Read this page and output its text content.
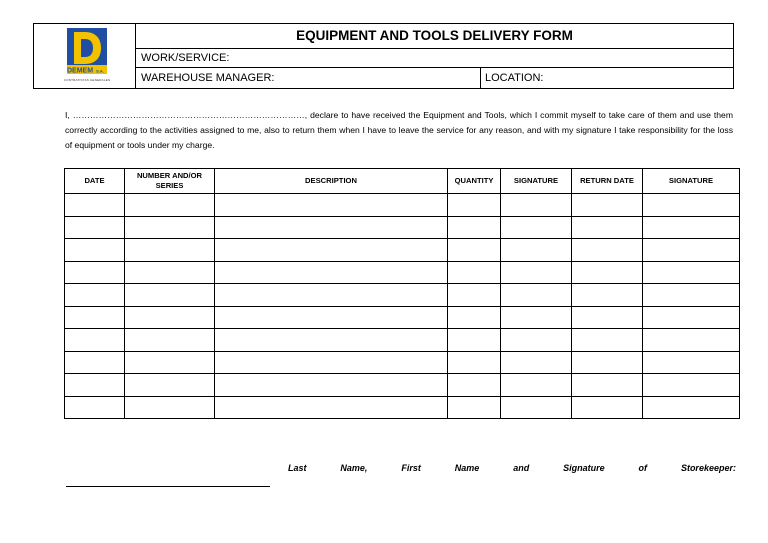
DEMEM S.A.
CONTRATISTAS GENERALES
EQUIPMENT AND TOOLS DELIVERY FORM
WORK/SERVICE:
WAREHOUSE MANAGER:	LOCATION:
I, ………………………………………………………………………, declare to have received the Equipment and Tools, which I commit myself to take care of them and use them correctly according to the activities assigned to me, also to return them when I have to leave the service for any reason, and with my signature I take responsibility for the loss of equipment or tools under my charge.
DATE	NUMBER AND/OR SERIES	DESCRIPTION	QUANTITY	SIGNATURE	RETURN DATE	SIGNATURE

Last	Name,	First	Name	and	Signature	of	Storekeeper:
